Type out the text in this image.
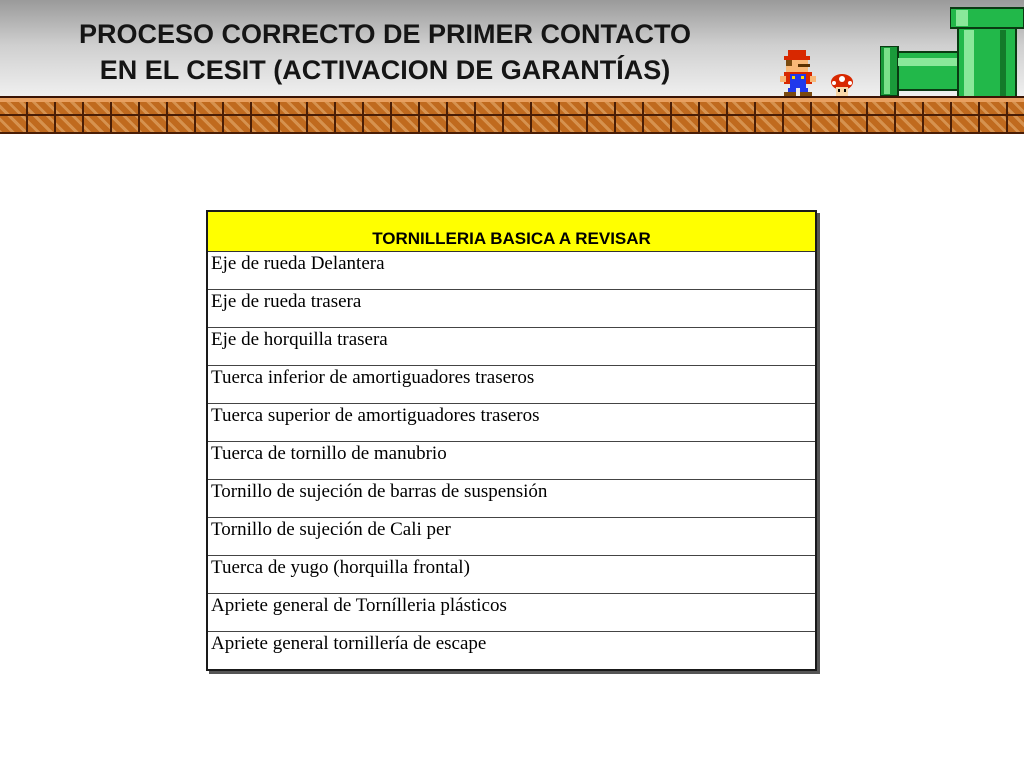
PROCESO CORRECTO DE PRIMER CONTACTO
EN EL CESIT (ACTIVACION DE GARANTÍAS)
TORNILLERIA BASICA A REVISAR
Eje de rueda Delantera
Eje de rueda trasera
Eje de horquilla trasera
Tuerca inferior de amortiguadores traseros
Tuerca superior de amortiguadores traseros
Tuerca de tornillo de manubrio
Tornillo de sujeción de barras de suspensión
Tornillo de sujeción de Cali per
Tuerca de yugo (horquilla frontal)
Apriete general de Tornílleria plásticos
Apriete general tornillería de escape
